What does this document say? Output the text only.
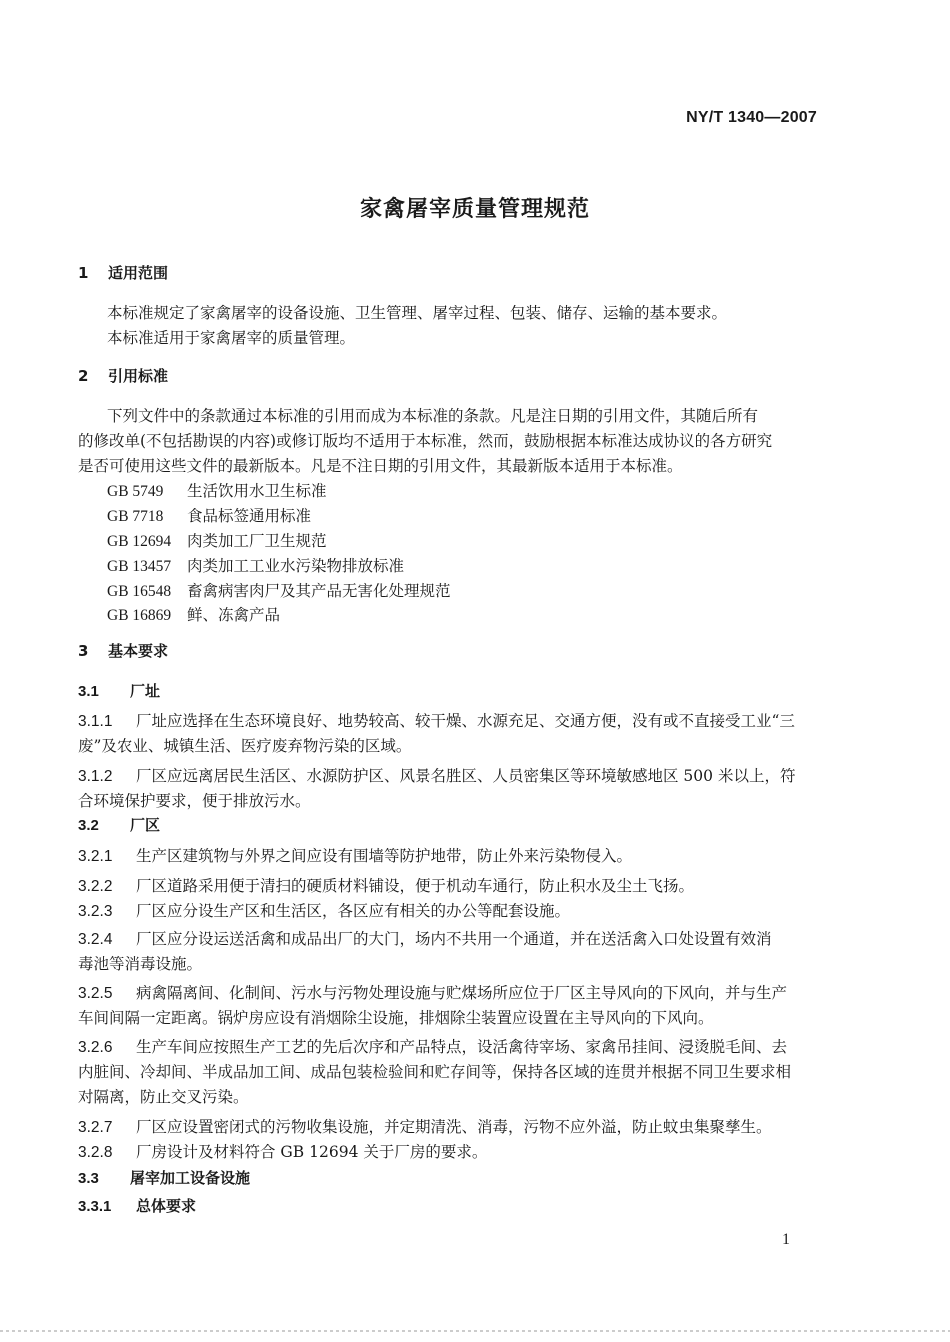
NY/T 1340—2007
家禽屠宰质量管理规范
1 适用范围
本标准规定了家禽屠宰的设备设施、卫生管理、屠宰过程、包装、储存、运输的基本要求。
本标准适用于家禽屠宰的质量管理。
2 引用标准
下列文件中的条款通过本标准的引用而成为本标准的条款。凡是注日期的引用文件，其随后所有
的修改单(不包括勘误的内容)或修订版均不适用于本标准，然而，鼓励根据本标准达成协议的各方研究
是否可使用这些文件的最新版本。凡是不注日期的引用文件，其最新版本适用于本标准。
GB 5749 生活饮用水卫生标准
GB 7718 食品标签通用标准
GB 12694 肉类加工厂卫生规范
GB 13457 肉类加工工业水污染物排放标准
GB 16548 畜禽病害肉尸及其产品无害化处理规范
GB 16869 鲜、冻禽产品
3 基本要求
3.1 厂址
3.1.1 厂址应选择在生态环境良好、地势较高、较干燥、水源充足、交通方便，没有或不直接受工业“三
废”及农业、城镇生活、医疗废弃物污染的区域。
3.1.2 厂区应远离居民生活区、水源防护区、风景名胜区、人员密集区等环境敏感地区 500 米以上，符
合环境保护要求，便于排放污水。
3.2 厂区
3.2.1 生产区建筑物与外界之间应设有围墙等防护地带，防止外来污染物侵入。
3.2.2 厂区道路采用便于清扫的硬质材料铺设，便于机动车通行，防止积水及尘土飞扬。
3.2.3 厂区应分设生产区和生活区，各区应有相关的办公等配套设施。
3.2.4 厂区应分设运送活禽和成品出厂的大门，场内不共用一个通道，并在送活禽入口处设置有效消
毒池等消毒设施。
3.2.5 病禽隔离间、化制间、污水与污物处理设施与贮煤场所应位于厂区主导风向的下风向，并与生产
车间间隔一定距离。锅炉房应设有消烟除尘设施，排烟除尘装置应设置在主导风向的下风向。
3.2.6 生产车间应按照生产工艺的先后次序和产品特点，设活禽待宰场、家禽吊挂间、浸烫脱毛间、去
内脏间、冷却间、半成品加工间、成品包装检验间和贮存间等，保持各区域的连贯并根据不同卫生要求相
对隔离，防止交叉污染。
3.2.7 厂区应设置密闭式的污物收集设施，并定期清洗、消毒，污物不应外溢，防止蚊虫集聚孳生。
3.2.8 厂房设计及材料符合 GB 12694 关于厂房的要求。
3.3 屠宰加工设备设施
3.3.1 总体要求
1
